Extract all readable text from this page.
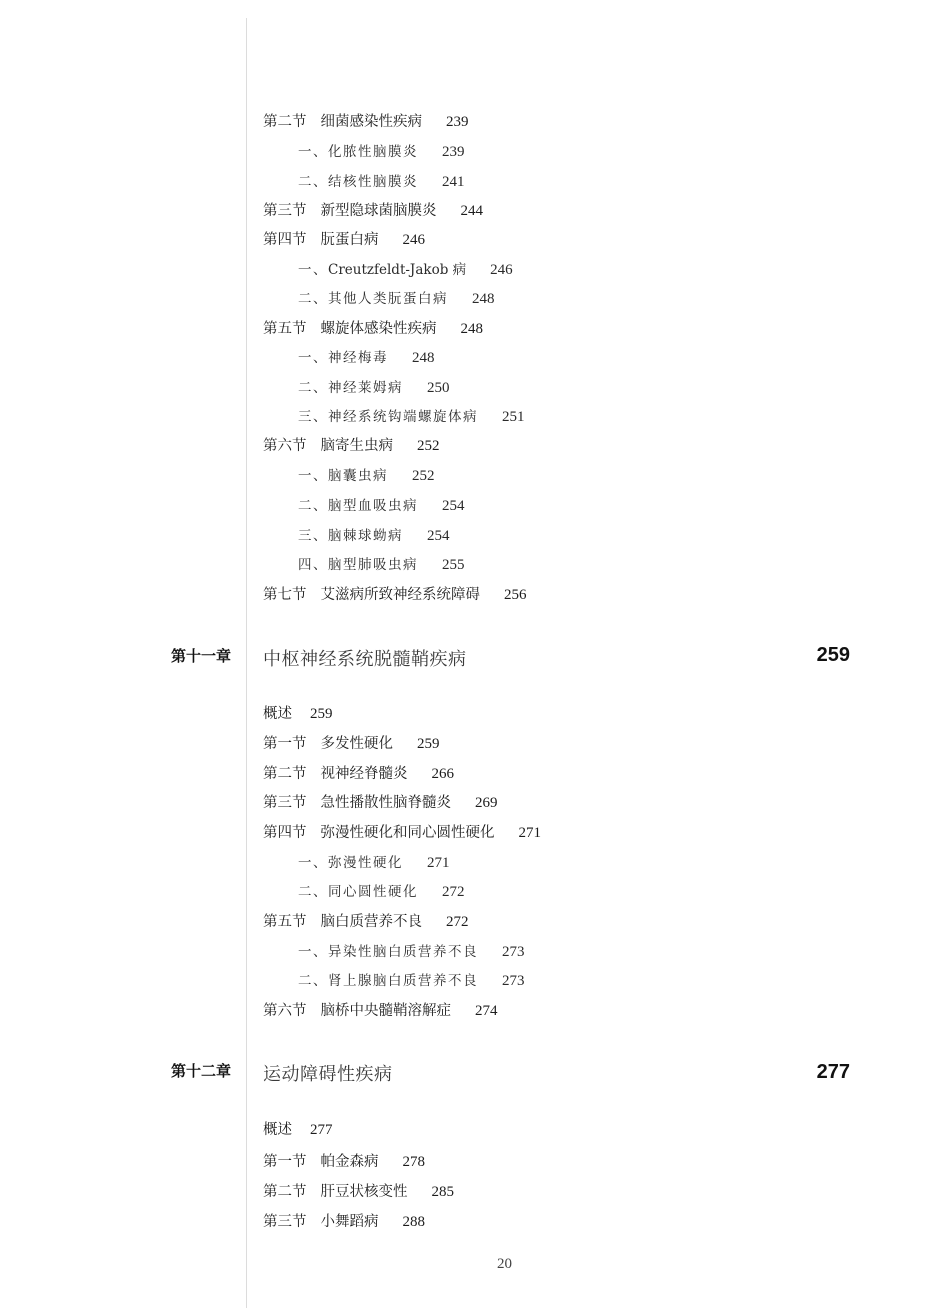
第二节 细菌感染性疾病 239
一、化脓性脑膜炎 239
二、结核性脑膜炎 241
第三节 新型隐球菌脑膜炎 244
第四节 朊蛋白病 246
一、Creutzfeldt-Jakob 病 246
二、其他人类朊蛋白病 248
第五节 螺旋体感染性疾病 248
一、神经梅毒 248
二、神经莱姆病 250
三、神经系统钩端螺旋体病 251
第六节 脑寄生虫病 252
一、脑囊虫病 252
二、脑型血吸虫病 254
三、脑棘球蚴病 254
四、脑型肺吸虫病 255
第七节 艾滋病所致神经系统障碍 256
第十一章 中枢神经系统脱髓鞘疾病	259
概述 259
第一节 多发性硬化 259
第二节 视神经脊髓炎 266
第三节 急性播散性脑脊髓炎 269
第四节 弥漫性硬化和同心圆性硬化 271
一、弥漫性硬化 271
二、同心圆性硬化 272
第五节 脑白质营养不良 272
一、异染性脑白质营养不良 273
二、肾上腺脑白质营养不良 273
第六节 脑桥中央髓鞘溶解症 274
第十二章 运动障碍性疾病	277
概述 277
第一节 帕金森病 278
第二节 肝豆状核变性 285
第三节 小舞蹈病 288
20
